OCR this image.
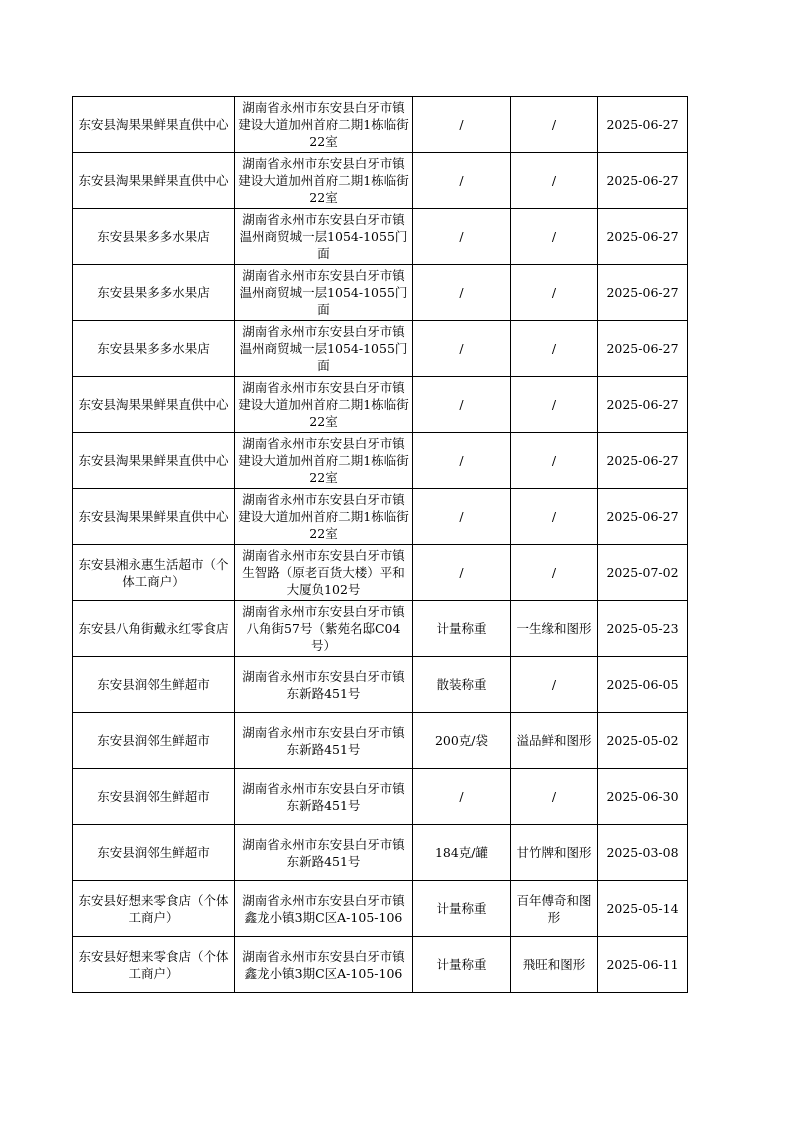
东安县淘果果鲜果直供中心	湖南省永州市东安县白牙市镇建设大道加州首府二期1栋临街22室	/	/	2025-06-27
东安县淘果果鲜果直供中心	湖南省永州市东安县白牙市镇建设大道加州首府二期1栋临街22室	/	/	2025-06-27
东安县果多多水果店	湖南省永州市东安县白牙市镇温州商贸城一层1054-1055门面	/	/	2025-06-27
东安县果多多水果店	湖南省永州市东安县白牙市镇温州商贸城一层1054-1055门面	/	/	2025-06-27
东安县果多多水果店	湖南省永州市东安县白牙市镇温州商贸城一层1054-1055门面	/	/	2025-06-27
东安县淘果果鲜果直供中心	湖南省永州市东安县白牙市镇建设大道加州首府二期1栋临街22室	/	/	2025-06-27
东安县淘果果鲜果直供中心	湖南省永州市东安县白牙市镇建设大道加州首府二期1栋临街22室	/	/	2025-06-27
东安县淘果果鲜果直供中心	湖南省永州市东安县白牙市镇建设大道加州首府二期1栋临街22室	/	/	2025-06-27
东安县湘永惠生活超市（个体工商户）	湖南省永州市东安县白牙市镇生智路（原老百货大楼）平和大厦负102号	/	/	2025-07-02
东安县八角街戴永红零食店	湖南省永州市东安县白牙市镇八角街57号（紫苑名邸C04号）	计量称重	一生缘和图形	2025-05-23
东安县润邻生鲜超市	湖南省永州市东安县白牙市镇东新路451号	散装称重	/	2025-06-05
东安县润邻生鲜超市	湖南省永州市东安县白牙市镇东新路451号	200克/袋	溢品鲜和图形	2025-05-02
东安县润邻生鲜超市	湖南省永州市东安县白牙市镇东新路451号	/	/	2025-06-30
东安县润邻生鲜超市	湖南省永州市东安县白牙市镇东新路451号	184克/罐	甘竹牌和图形	2025-03-08
东安县好想来零食店（个体工商户）	湖南省永州市东安县白牙市镇鑫龙小镇3期C区A-105-106	计量称重	百年傅奇和图形	2025-05-14
东安县好想来零食店（个体工商户）	湖南省永州市东安县白牙市镇鑫龙小镇3期C区A-105-106	计量称重	飛旺和图形	2025-06-11
